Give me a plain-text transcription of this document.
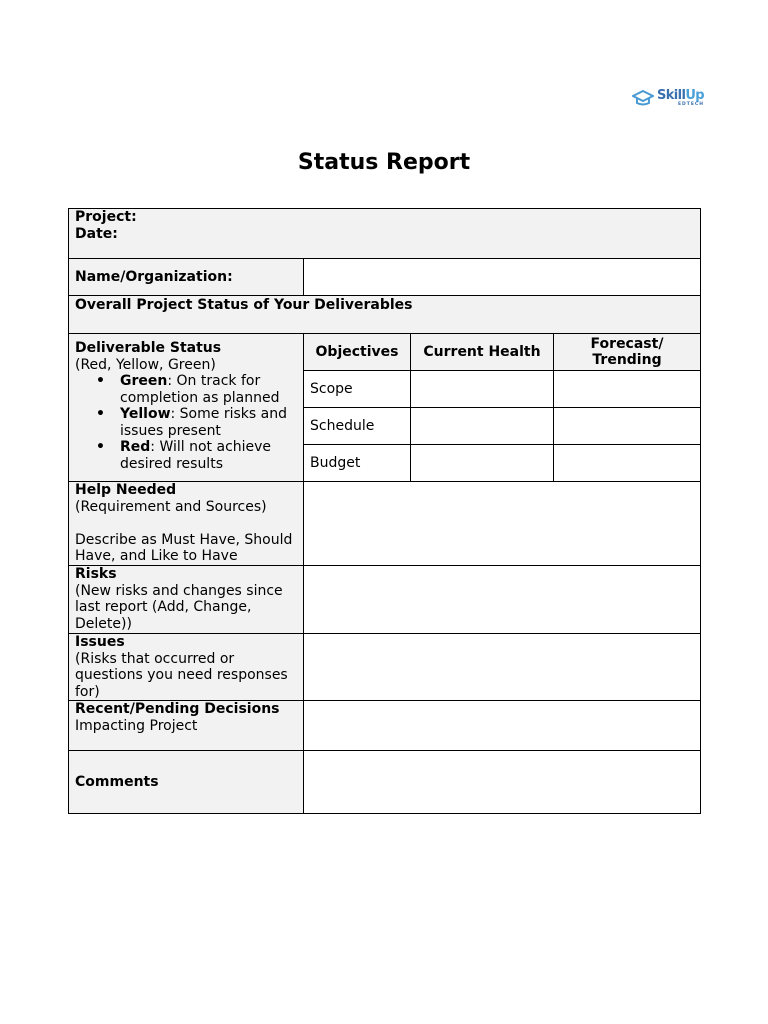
SkillUp
EDTECH
Status Report
Project:
Date:
Name/Organization:
Overall Project Status of Your Deliverables
Deliverable Status
(Red, Yellow, Green)
• Green: On track for completion as planned
• Yellow: Some risks and issues present
• Red: Will not achieve desired results
Objectives	Current Health	Forecast/ Trending
Scope
Schedule
Budget
Help Needed
(Requirement and Sources)
Describe as Must Have, Should Have, and Like to Have
Risks
(New risks and changes since last report (Add, Change, Delete))
Issues
(Risks that occurred or questions you need responses for)
Recent/Pending Decisions
Impacting Project
Comments
